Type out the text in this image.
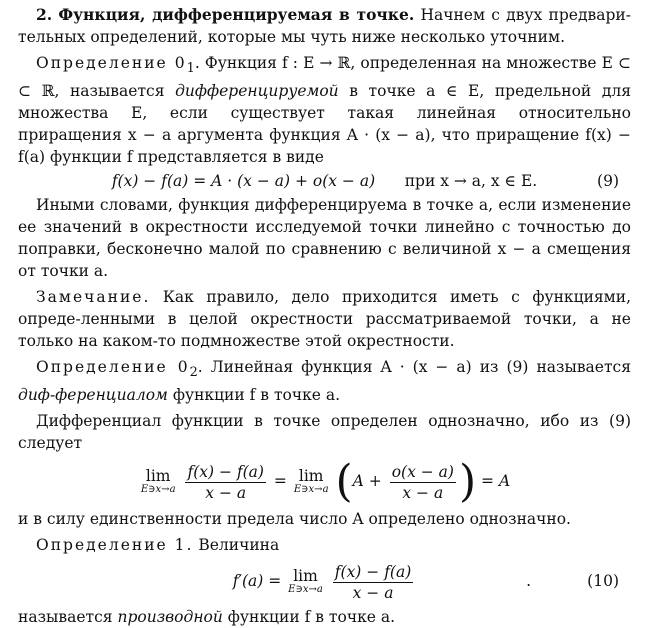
2. Функция, дифференцируемая в точке. Начнем с двух предвари-тельных определений, которые мы чуть ниже несколько уточним.

Определение $0_1$. Функция f : E → ℝ, определенная на множестве E ⊂ ⊂ ℝ, называется дифференцируемой в точке a ∈ E, предельной для множества E, если существует такая линейная относительно приращения x − a аргумента функция A · (x − a), что приращение f(x) − f(a) функции f представляется в виде

f(x) − f(a) = A · (x − a) + o(x − a) при x → a, x ∈ E.	(9)

Иными словами, функция дифференцируема в точке a, если изменение ее значений в окрестности исследуемой точки линейно с точностью до поправки, бесконечно малой по сравнению с величиной x − a смещения от точки a.

Замечание. Как правило, дело приходится иметь с функциями, опреде-ленными в целой окрестности рассматриваемой точки, а не только на каком-то подмножестве этой окрестности.

Определение $0_2$. Линейная функция A · (x − a) из (9) называется диф-ференциалом функции f в точке a.

Дифференциал функции в точке определен однозначно, ибо из (9) следует

lim
E∋x→a
$\frac{f(x) - f(a)}{x - a} = \lim$
E∋x→a ($A + \frac{o(x - a)}{x - a}$ ) = A

и в силу единственности предела число A определено однозначно.

Определение 1. Величина

f′(a) = lim
E∋x→a
$\frac{f(x) - f(a)}{x - a}$	.	(10)

называется производной функции f в точке a.
